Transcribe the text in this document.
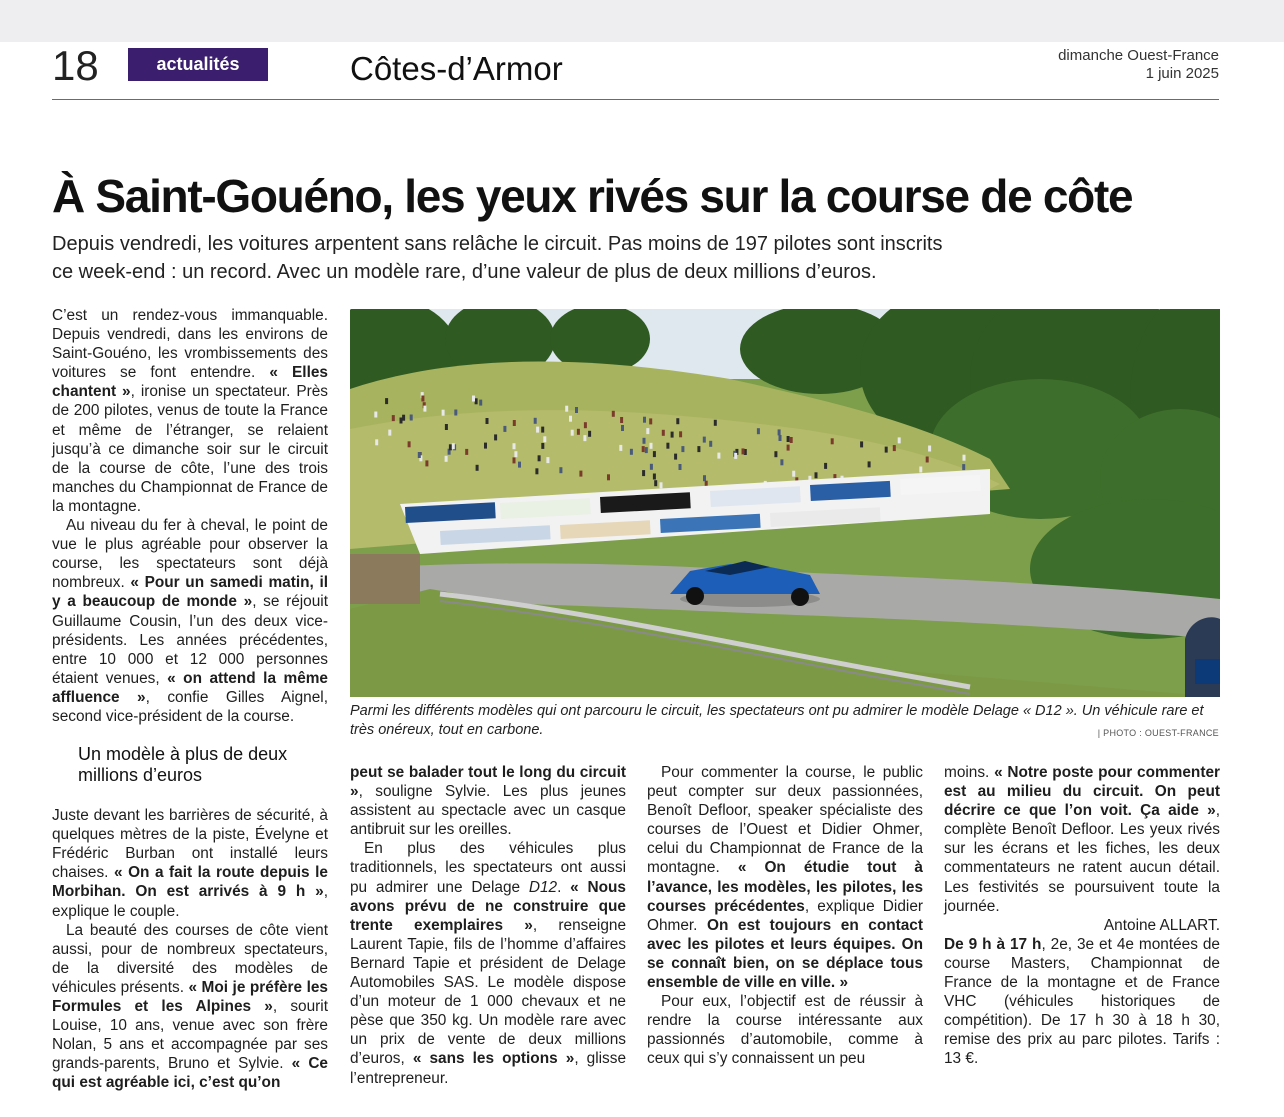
18	actualités	Côtes-d’Armor	dimanche Ouest-France
1 juin 2025
À Saint-Gouéno, les yeux rivés sur la course de côte
Depuis vendredi, les voitures arpentent sans relâche le circuit. Pas moins de 197 pilotes sont inscrits
ce week-end : un record. Avec un modèle rare, d’une valeur de plus de deux millions d’euros.

C’est un rendez-vous immanquable. Depuis vendredi, dans les environs de Saint-Gouéno, les vrombissements des voitures se font entendre. « Elles chantent », ironise un spectateur. Près de 200 pilotes, venus de toute la France et même de l’étranger, se relaient jusqu’à ce dimanche soir sur le circuit de la course de côte, l’une des trois manches du Championnat de France de la montagne.

Au niveau du fer à cheval, le point de vue le plus agréable pour observer la course, les spectateurs sont déjà nombreux. « Pour un samedi matin, il y a beaucoup de monde », se réjouit Guillaume Cousin, l’un des deux vice-présidents. Les années précédentes, entre 10 000 et 12 000 personnes étaient venues, « on attend la même affluence », confie Gilles Aignel, second vice-président de la course.

Un modèle à plus de deux millions d’euros

Juste devant les barrières de sécurité, à quelques mètres de la piste, Évelyne et Frédéric Burban ont installé leurs chaises. « On a fait la route depuis le Morbihan. On est arrivés à 9 h », explique le couple.

La beauté des courses de côte vient aussi, pour de nombreux spectateurs, de la diversité des modèles de véhicules présents. « Moi je préfère les Formules et les Alpines », sourit Louise, 10 ans, venue avec son frère Nolan, 5 ans et accompagnée par ses grands-parents, Bruno et Sylvie. « Ce qui est agréable ici, c’est qu’on

Parmi les différents modèles qui ont parcouru le circuit, les spectateurs ont pu admirer le modèle Delage « D12 ». Un véhicule rare et très onéreux, tout en carbone.	| PHOTO : OUEST-FRANCE

peut se balader tout le long du circuit », souligne Sylvie. Les plus jeunes assistent au spectacle avec un casque antibruit sur les oreilles.

En plus des véhicules plus traditionnels, les spectateurs ont aussi pu admirer une Delage D12. « Nous avons prévu de ne construire que trente exemplaires », renseigne Laurent Tapie, fils de l’homme d’affaires Bernard Tapie et président de Delage Automobiles SAS. Le modèle dispose d’un moteur de 1 000 chevaux et ne pèse que 350 kg. Un modèle rare avec un prix de vente de deux millions d’euros, « sans les options », glisse l’entrepreneur.

Pour commenter la course, le public peut compter sur deux passionnées, Benoît Defloor, speaker spécialiste des courses de l’Ouest et Didier Ohmer, celui du Championnat de France de la montagne. « On étudie tout à l’avance, les modèles, les pilotes, les courses précédentes, explique Didier Ohmer. On est toujours en contact avec les pilotes et leurs équipes. On se connaît bien, on se déplace tous ensemble de ville en ville. »

Pour eux, l’objectif est de réussir à rendre la course intéressante aux passionnés d’automobile, comme à ceux qui s’y connaissent un peu

moins. « Notre poste pour commenter est au milieu du circuit. On peut décrire ce que l’on voit. Ça aide », complète Benoît Defloor. Les yeux rivés sur les écrans et les fiches, les deux commentateurs ne ratent aucun détail. Les festivités se poursuivent toute la journée.

Antoine ALLART.

De 9 h à 17 h, 2e, 3e et 4e montées de course Masters, Championnat de France de la montagne et de France VHC (véhicules historiques de compétition). De 17 h 30 à 18 h 30, remise des prix au parc pilotes. Tarifs : 13 €.
